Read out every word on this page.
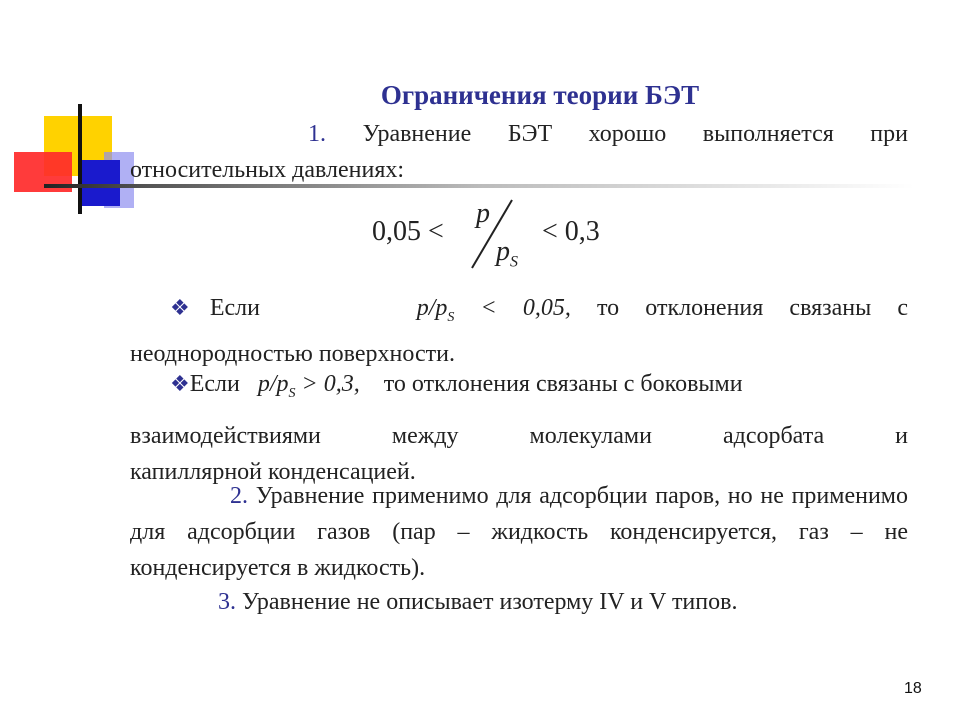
Ограничения теории БЭТ
1. Уравнение БЭТ хорошо выполняется при
относительных давлениях:
0,05 <
p
$p_S$
< 0,3
❖Если	$p/p_S < 0,05$, то отклонения связаны с
неоднородностью поверхности.
❖Если $p/p_S > 0,3$, то отклонения связаны с боковыми
взаимодействиями между молекулами адсорбата и
капиллярной конденсацией.
2. Уравнение применимо для адсорбции паров, но не применимо для адсорбции газов (пар – жидкость конденсируется, газ – не конденсируется в жидкость).
3. Уравнение не описывает изотерму IV и V типов.
18
